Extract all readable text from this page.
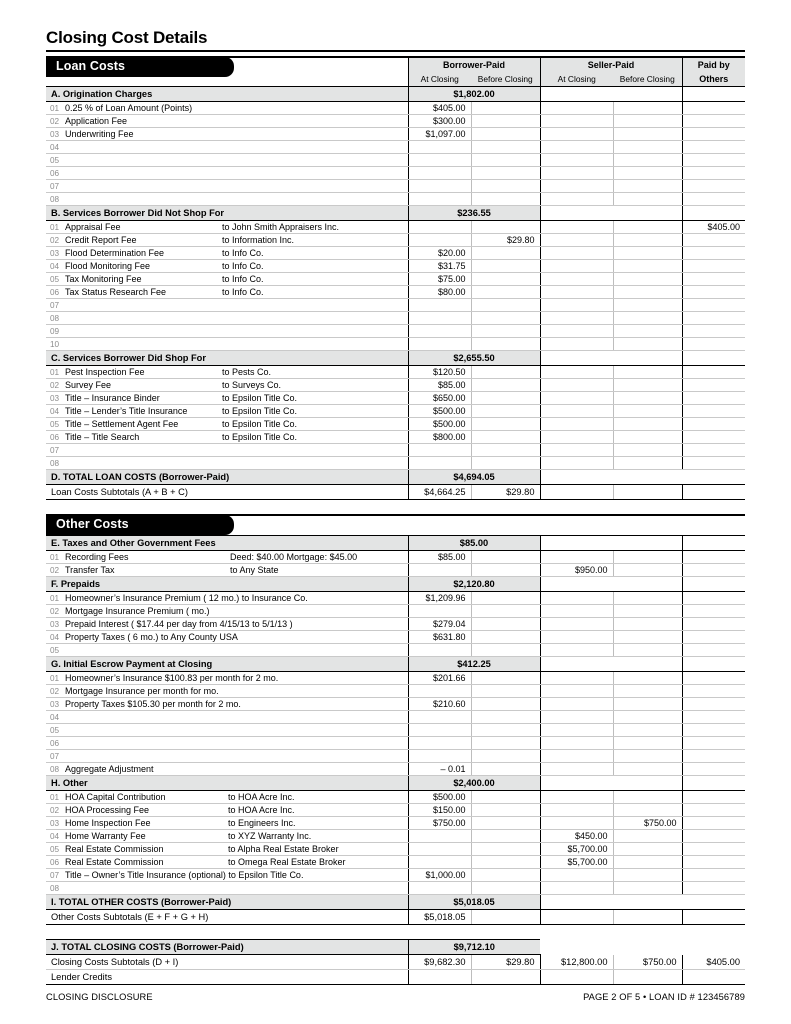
Closing Cost Details
Loan Costs
		Borrower-Paid		Seller-Paid		Paid by
Others
	At Closing	Before Closing	At Closing	Before Closing	
A. Origination Charges	$1,802.00				
01 0.25 % of Loan Amount (Points)	$405.00				
02 Application Fee	$300.00				
03 Underwriting Fee	$1,097.00				
04					
05					
06					
07					
08					
B. Services Borrower Did Not Shop For	$236.55				
01 Appraisal Fee to John Smith Appraisers Inc.					$405.00
02 Credit Report Fee to Information Inc.		$29.80			
03 Flood Determination Fee to Info Co.	$20.00				
04 Flood Monitoring Fee to Info Co.	$31.75				
05 Tax Monitoring Fee to Info Co.	$75.00				
06 Tax Status Research Fee to Info Co.	$80.00				
07					
08					
09					
10					
C. Services Borrower Did Shop For	$2,655.50				
01 Pest Inspection Fee to Pests Co.	$120.50				
02 Survey Fee to Surveys Co.	$85.00				
03 Title – Insurance Binder to Epsilon Title Co.	$650.00				
04 Title – Lender’s Title Insurance to Epsilon Title Co.	$500.00				
05 Title – Settlement Agent Fee to Epsilon Title Co.	$500.00				
06 Title – Title Search to Epsilon Title Co.	$800.00				
07					
08					
D. TOTAL LOAN COSTS (Borrower-Paid)	$4,694.05				
Loan Costs Subtotals (A + B + C)	$4,664.25	$29.80			
Other Costs
E. Taxes and Other Government Fees	$85.00				
01 Recording Fees Deed: $40.00 Mortgage: $45.00	$85.00				
02 Transfer Tax to Any State			$950.00		
F. Prepaids	$2,120.80				
01 Homeowner’s Insurance Premium ( 12 mo.) to Insurance Co.	$1,209.96				
02 Mortgage Insurance Premium ( mo.)					
03 Prepaid Interest ( $17.44 per day from 4/15/13 to 5/1/13 )	$279.04				
04 Property Taxes ( 6 mo.) to Any County USA	$631.80				
05					
G. Initial Escrow Payment at Closing	$412.25				
01 Homeowner’s Insurance $100.83 per month for 2 mo.	$201.66				
02 Mortgage Insurance per month for mo.					
03 Property Taxes $105.30 per month for 2 mo.	$210.60				
04					
05					
06					
07					
08 Aggregate Adjustment	– 0.01				
H. Other	$2,400.00				
01 HOA Capital Contribution to HOA Acre Inc.	$500.00				
02 HOA Processing Fee to HOA Acre Inc.	$150.00				
03 Home Inspection Fee to Engineers Inc.	$750.00			$750.00	
04 Home Warranty Fee to XYZ Warranty Inc.			$450.00		
05 Real Estate Commission to Alpha Real Estate Broker			$5,700.00		
06 Real Estate Commission to Omega Real Estate Broker			$5,700.00		
07 Title – Owner’s Title Insurance (optional) to Epsilon Title Co.	$1,000.00				
08					
I. TOTAL OTHER COSTS (Borrower-Paid)	$5,018.05				
Other Costs Subtotals (E + F + G + H)	$5,018.05				
J. TOTAL CLOSING COSTS (Borrower-Paid)	$9,712.10				
Closing Costs Subtotals (D + I)	$9,682.30	$29.80	$12,800.00	$750.00	$405.00
Lender Credits					
CLOSING DISCLOSURE	PAGE 2 OF 5 • LOAN ID # 123456789
